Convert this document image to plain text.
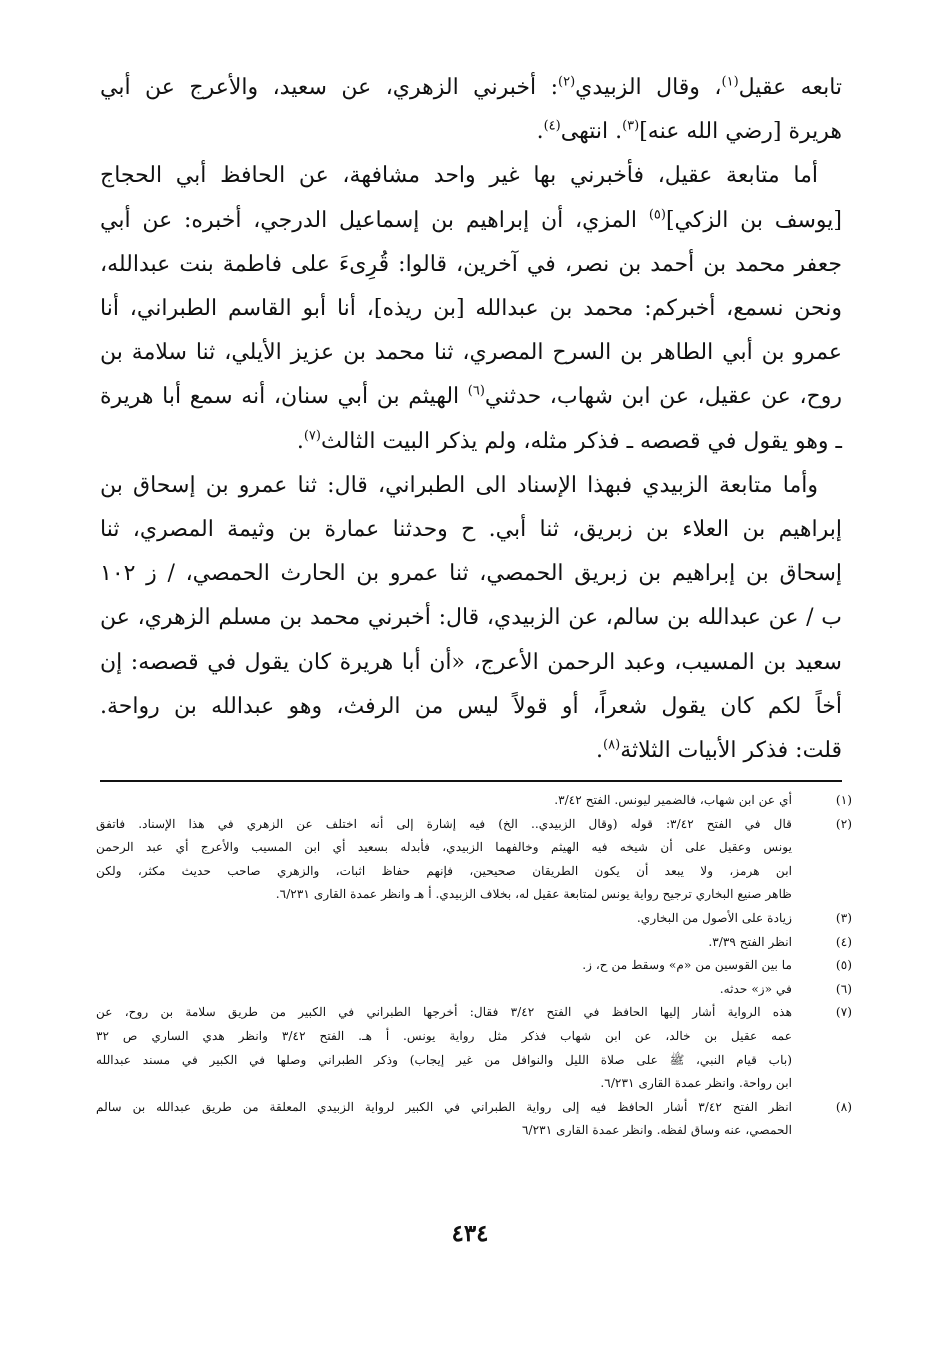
تابعه عقيل$^{(١)}$، وقال الزبيدي$^{(٢)}$: أخبرني الزهري، عن سعيد، والأعرج عن أبي
هريرة [رضي الله عنه]$^{(٣)}$. انتهى$^{(٤)}$.

أما متابعة عقيل، فأخبرني بها غير واحد مشافهة، عن الحافظ أبي الحجاج
[يوسف بن الزكي]$^{(٥)}$ المزي، أن إبراهيم بن إسماعيل الدرجي، أخبره: عن أبي
جعفر محمد بن أحمد بن نصر، في آخرين، قالوا: قُرِىءَ على فاطمة بنت عبدالله،
ونحن نسمع، أخبركم: محمد بن عبدالله [بن ريذه]، أنا أبو القاسم الطبراني، أنا
عمرو بن أبي الطاهر بن السرح المصري، ثنا محمد بن عزيز الأيلي، ثنا سلامة بن
روح، عن عقيل، عن ابن شهاب، حدثني$^{(٦)}$ الهيثم بن أبي سنان، أنه سمع أبا هريرة
ـ وهو يقول في قصصه ـ فذكر مثله، ولم يذكر البيت الثالث$^{(٧)}$.

وأما متابعة الزبيدي فبهذا الإسناد الى الطبراني، قال: ثنا عمرو بن إسحاق بن
إبراهيم بن العلاء بن زبريق، ثنا أبي. ح وحدثنا عمارة بن وثيمة المصري، ثنا
إسحاق بن إبراهيم بن زبريق الحمصي، ثنا عمرو بن الحارث الحمصي، / ز ١٠٢
ب / عن عبدالله بن سالم، عن الزبيدي، قال: أخبرني محمد بن مسلم الزهري، عن
سعيد بن المسيب، وعبد الرحمن الأعرج، «أن أبا هريرة كان يقول في قصصه: إن
أخاً لكم كان يقول شعراً، أو قولاً ليس من الرفث، وهو عبدالله بن رواحة.
قلت: فذكر الأبيات الثلاثة$^{(٨)}$.

(١)
أي عن ابن شهاب، فالضمير ليونس. الفتح ٣/٤٢.
(٢)
قال في الفتح ٣/٤٢: قوله (وقال الزبيدي.. الخ) فيه إشارة إلى أنه اختلف عن الزهري في هذا الإسناد. فاتفق
يونس وعقيل على أن شيخه فيه الهيثم وخالفهما الزبيدي، فأبدله بسعيد أي ابن المسيب والأعرج أي عبد الرحمن
ابن هرمز، ولا يبعد أن يكون الطريقان صحيحين، فإنهم حفاظ اثبات، والزهري صاحب حديث مكثر، ولكن
ظاهر صنيع البخاري ترجيح رواية يونس لمتابعة عقيل له، بخلاف الزبيدي. أ هـ وانظر عمدة القارى ٦/٢٣١.
(٣)
زيادة على الأصول من البخاري.
(٤)
انظر الفتح ٣/٣٩.
(٥)
ما بين القوسين من «م» وسقط من ح، ز.
(٦)
في «ز» حدثه.
(٧)
هذه الرواية أشار إليها الحافظ في الفتح ٣/٤٢ فقال: أخرجها الطبراني في الكبير من طريق سلامة بن روح، عن
عمه عقيل بن خالد، عن ابن شهاب فذكر مثل رواية يونس. أ هـ. الفتح ٣/٤٢ وانظر هدي الساري ص ٣٢
(باب قيام النبي، ﷺ على صلاة الليل والنوافل من غير إيجاب) وذكر الطبراني وصلها في الكبير في مسند عبدالله
ابن رواحة. وانظر عمدة القارى ٦/٢٣١.
(٨)
انظر الفتح ٣/٤٢ أشار الحافظ فيه إلى رواية الطبراني في الكبير لرواية الزبيدي المعلقة من طريق عبدالله بن سالم
الحمصي، عنه وساق لفظه. وانظر عمدة القارى ٦/٢٣١
٤٣٤
